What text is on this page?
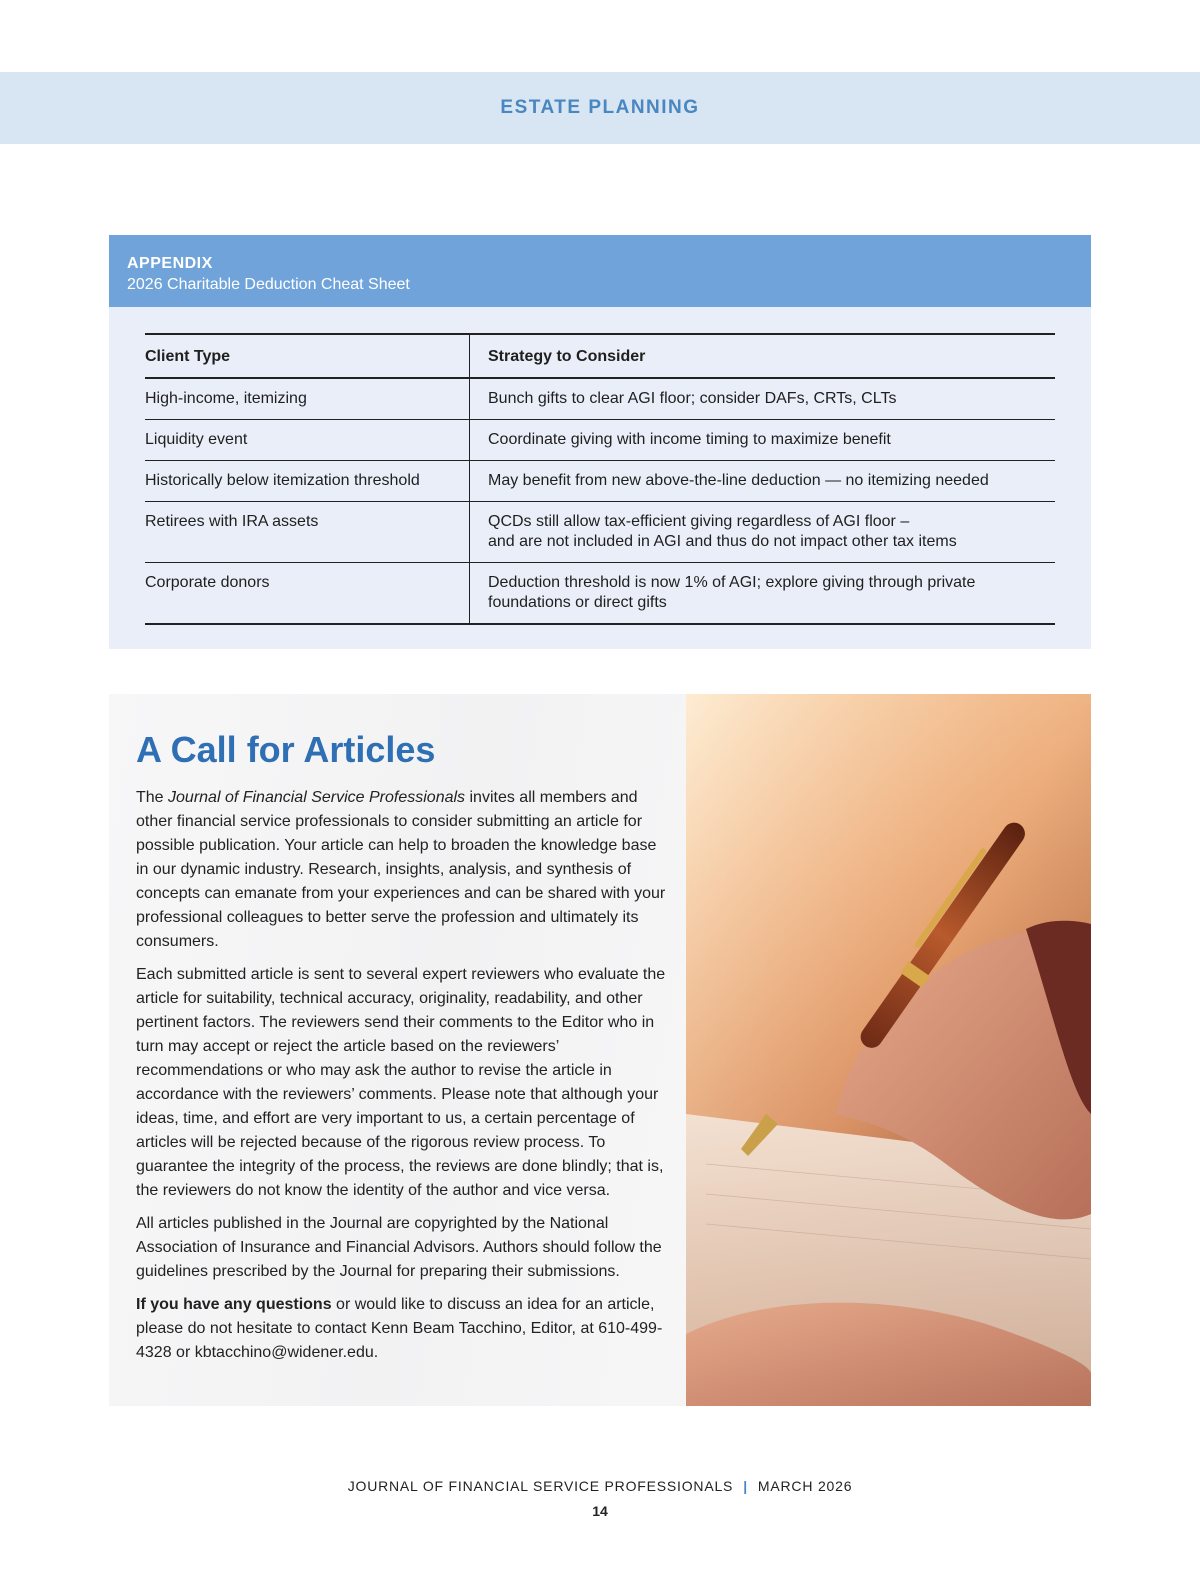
ESTATE PLANNING
APPENDIX
2026 Charitable Deduction Cheat Sheet
Client Type	Strategy to Consider
High-income, itemizing	Bunch gifts to clear AGI floor; consider DAFs, CRTs, CLTs
Liquidity event	Coordinate giving with income timing to maximize benefit
Historically below itemization threshold	May benefit from new above-the-line deduction — no itemizing needed
Retirees with IRA assets	QCDs still allow tax-efficient giving regardless of AGI floor –
and are not included in AGI and thus do not impact other tax items
Corporate donors	Deduction threshold is now 1% of AGI; explore giving through private
foundations or direct gifts
A Call for Articles

The Journal of Financial Service Professionals invites all members and other financial service professionals to consider submitting an article for possible publication. Your article can help to broaden the knowledge base in our dynamic industry. Research, insights, analysis, and synthesis of concepts can emanate from your experiences and can be shared with your professional colleagues to better serve the profession and ultimately its consumers.

Each submitted article is sent to several expert reviewers who evaluate the article for suitability, technical accuracy, originality, readability, and other pertinent factors. The reviewers send their comments to the Editor who in turn may accept or reject the article based on the reviewers’ recommendations or who may ask the author to revise the article in accordance with the reviewers’ comments. Please note that although your ideas, time, and effort are very important to us, a certain percentage of articles will be rejected because of the rigorous review process. To guarantee the integrity of the process, the reviews are done blindly; that is, the reviewers do not know the identity of the author and vice versa.

All articles published in the Journal are copyrighted by the National Association of Insurance and Financial Advisors. Authors should follow the guidelines prescribed by the Journal for preparing their submissions.

If you have any questions or would like to discuss an idea for an article, please do not hesitate to contact Kenn Beam Tacchino, Editor, at 610-499-4328 or kbtacchino@widener.edu.

JOURNAL OF FINANCIAL SERVICE PROFESSIONALS | MARCH 2026
14
